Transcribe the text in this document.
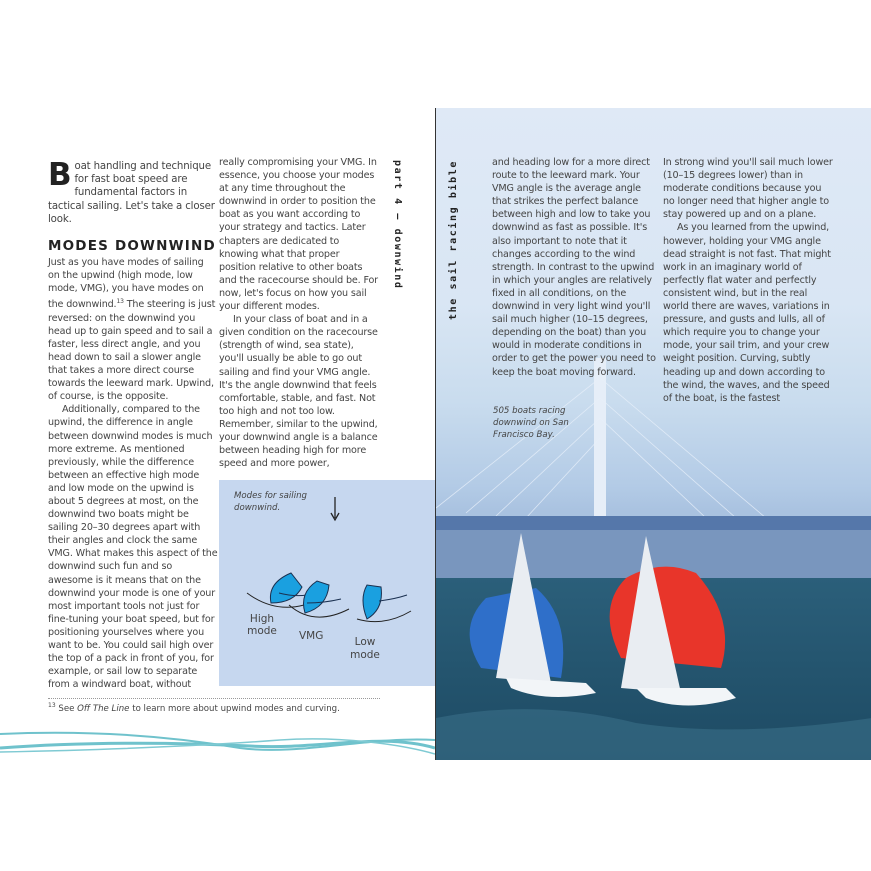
Boat handling and technique for fast boat speed are fundamental factors in tactical sailing. Let's take a closer look.
MODES DOWNWIND

Just as you have modes of sailing on the upwind (high mode, low mode, VMG), you have modes on the downwind.$^{13}$ The steering is just reversed: on the downwind you head up to gain speed and to sail a faster, less direct angle, and you head down to sail a slower angle that takes a more direct course towards the leeward mark. Upwind, of course, is the opposite.

Additionally, compared to the upwind, the difference in angle between downwind modes is much more extreme. As mentioned previously, while the difference between an effective high mode and low mode on the upwind is about 5 degrees at most, on the downwind two boats might be sailing 20–30 degrees apart with their angles and clock the same VMG. What makes this aspect of the downwind such fun and so awesome is it means that on the downwind your mode is one of your most important tools not just for fine-tuning your boat speed, but for positioning yourselves where you want to be. You could sail high over the top of a pack in front of you, for example, or sail low to separate from a windward boat, without

really compromising your VMG. In essence, you choose your modes at any time throughout the downwind in order to position the boat as you want according to your strategy and tactics. Later chapters are dedicated to knowing what that proper position relative to other boats and the racecourse should be. For now, let's focus on how you sail your different modes.

In your class of boat and in a given condition on the racecourse (strength of wind, sea state), you'll usually be able to go out sailing and find your VMG angle. It's the angle downwind that feels comfortable, stable, and fast. Not too high and not too low. Remember, similar to the upwind, your downwind angle is a balance between heading high for more speed and more power,

part 4 – downwind
Modes for sailing downwind.
High mode VMG	Low mode
$^{13}$ See Off The Line to learn more about upwind modes and curving.
the sail racing bible	and heading low for a more direct route to the leeward mark. Your VMG angle is the average angle that strikes the perfect balance between high and low to take you downwind as fast as possible. It's also important to note that it changes according to the wind strength. In contrast to the upwind in which your angles are relatively fixed in all conditions, on the downwind in very light wind you'll sail much higher (10–15 degrees, depending on the boat) than you would in moderate conditions in order to get the power you need to keep the boat moving forward.

In strong wind you'll sail much lower (10–15 degrees lower) than in moderate conditions because you no longer need that higher angle to stay powered up and on a plane.

As you learned from the upwind, however, holding your VMG angle dead straight is not fast. That might work in an imaginary world of perfectly flat water and perfectly consistent wind, but in the real world there are waves, variations in pressure, and gusts and lulls, all of which require you to change your mode, your sail trim, and your crew weight position. Curving, subtly heading up and down according to the wind, the waves, and the speed of the boat, is the fastest

505 boats racing downwind on San Francisco Bay.
